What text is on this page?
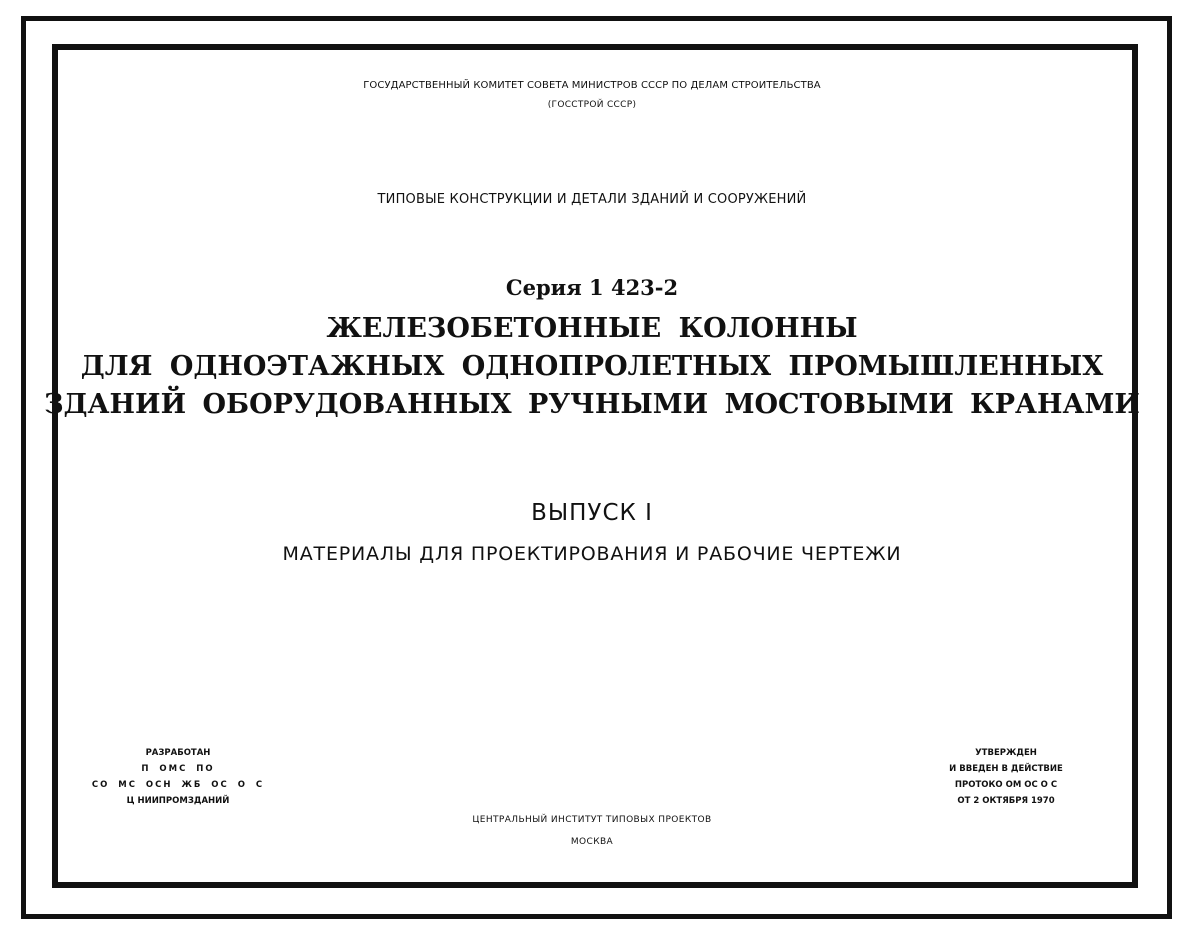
ГОСУДАРСТВЕННЫЙ КОМИТЕТ СОВЕТА МИНИСТРОВ СССР ПО ДЕЛАМ СТРОИТЕЛЬСТВА
(ГОССТРОЙ СССР)
ТИПОВЫЕ КОНСТРУКЦИИ И ДЕТАЛИ ЗДАНИЙ И СООРУЖЕНИЙ
Серия 1 423-2
ЖЕЛЕЗОБЕТОННЫЕ КОЛОННЫ
ДЛЯ ОДНОЭТАЖНЫХ ОДНОПРОЛЕТНЫХ ПРОМЫШЛЕННЫХ
ЗДАНИЙ ОБОРУДОВАННЫХ РУЧНЫМИ МОСТОВЫМИ КРАНАМИ
ВЫПУСК I
МАТЕРИАЛЫ ДЛЯ ПРОЕКТИРОВАНИЯ И РАБОЧИЕ ЧЕРТЕЖИ
РАЗРАБОТАН
П ОМС ПО
СО МС ОСН ЖБ ОС О С
Ц НИИПРОМЗДАНИЙ
УТВЕРЖДЕН
И ВВЕДЕН В ДЕЙСТВИЕ
ПРОТОКО ОМ ОС О С
ОТ 2 ОКТЯБРЯ 1970
ЦЕНТРАЛЬНЫЙ ИНСТИТУТ ТИПОВЫХ ПРОЕКТОВ
МОСКВА
